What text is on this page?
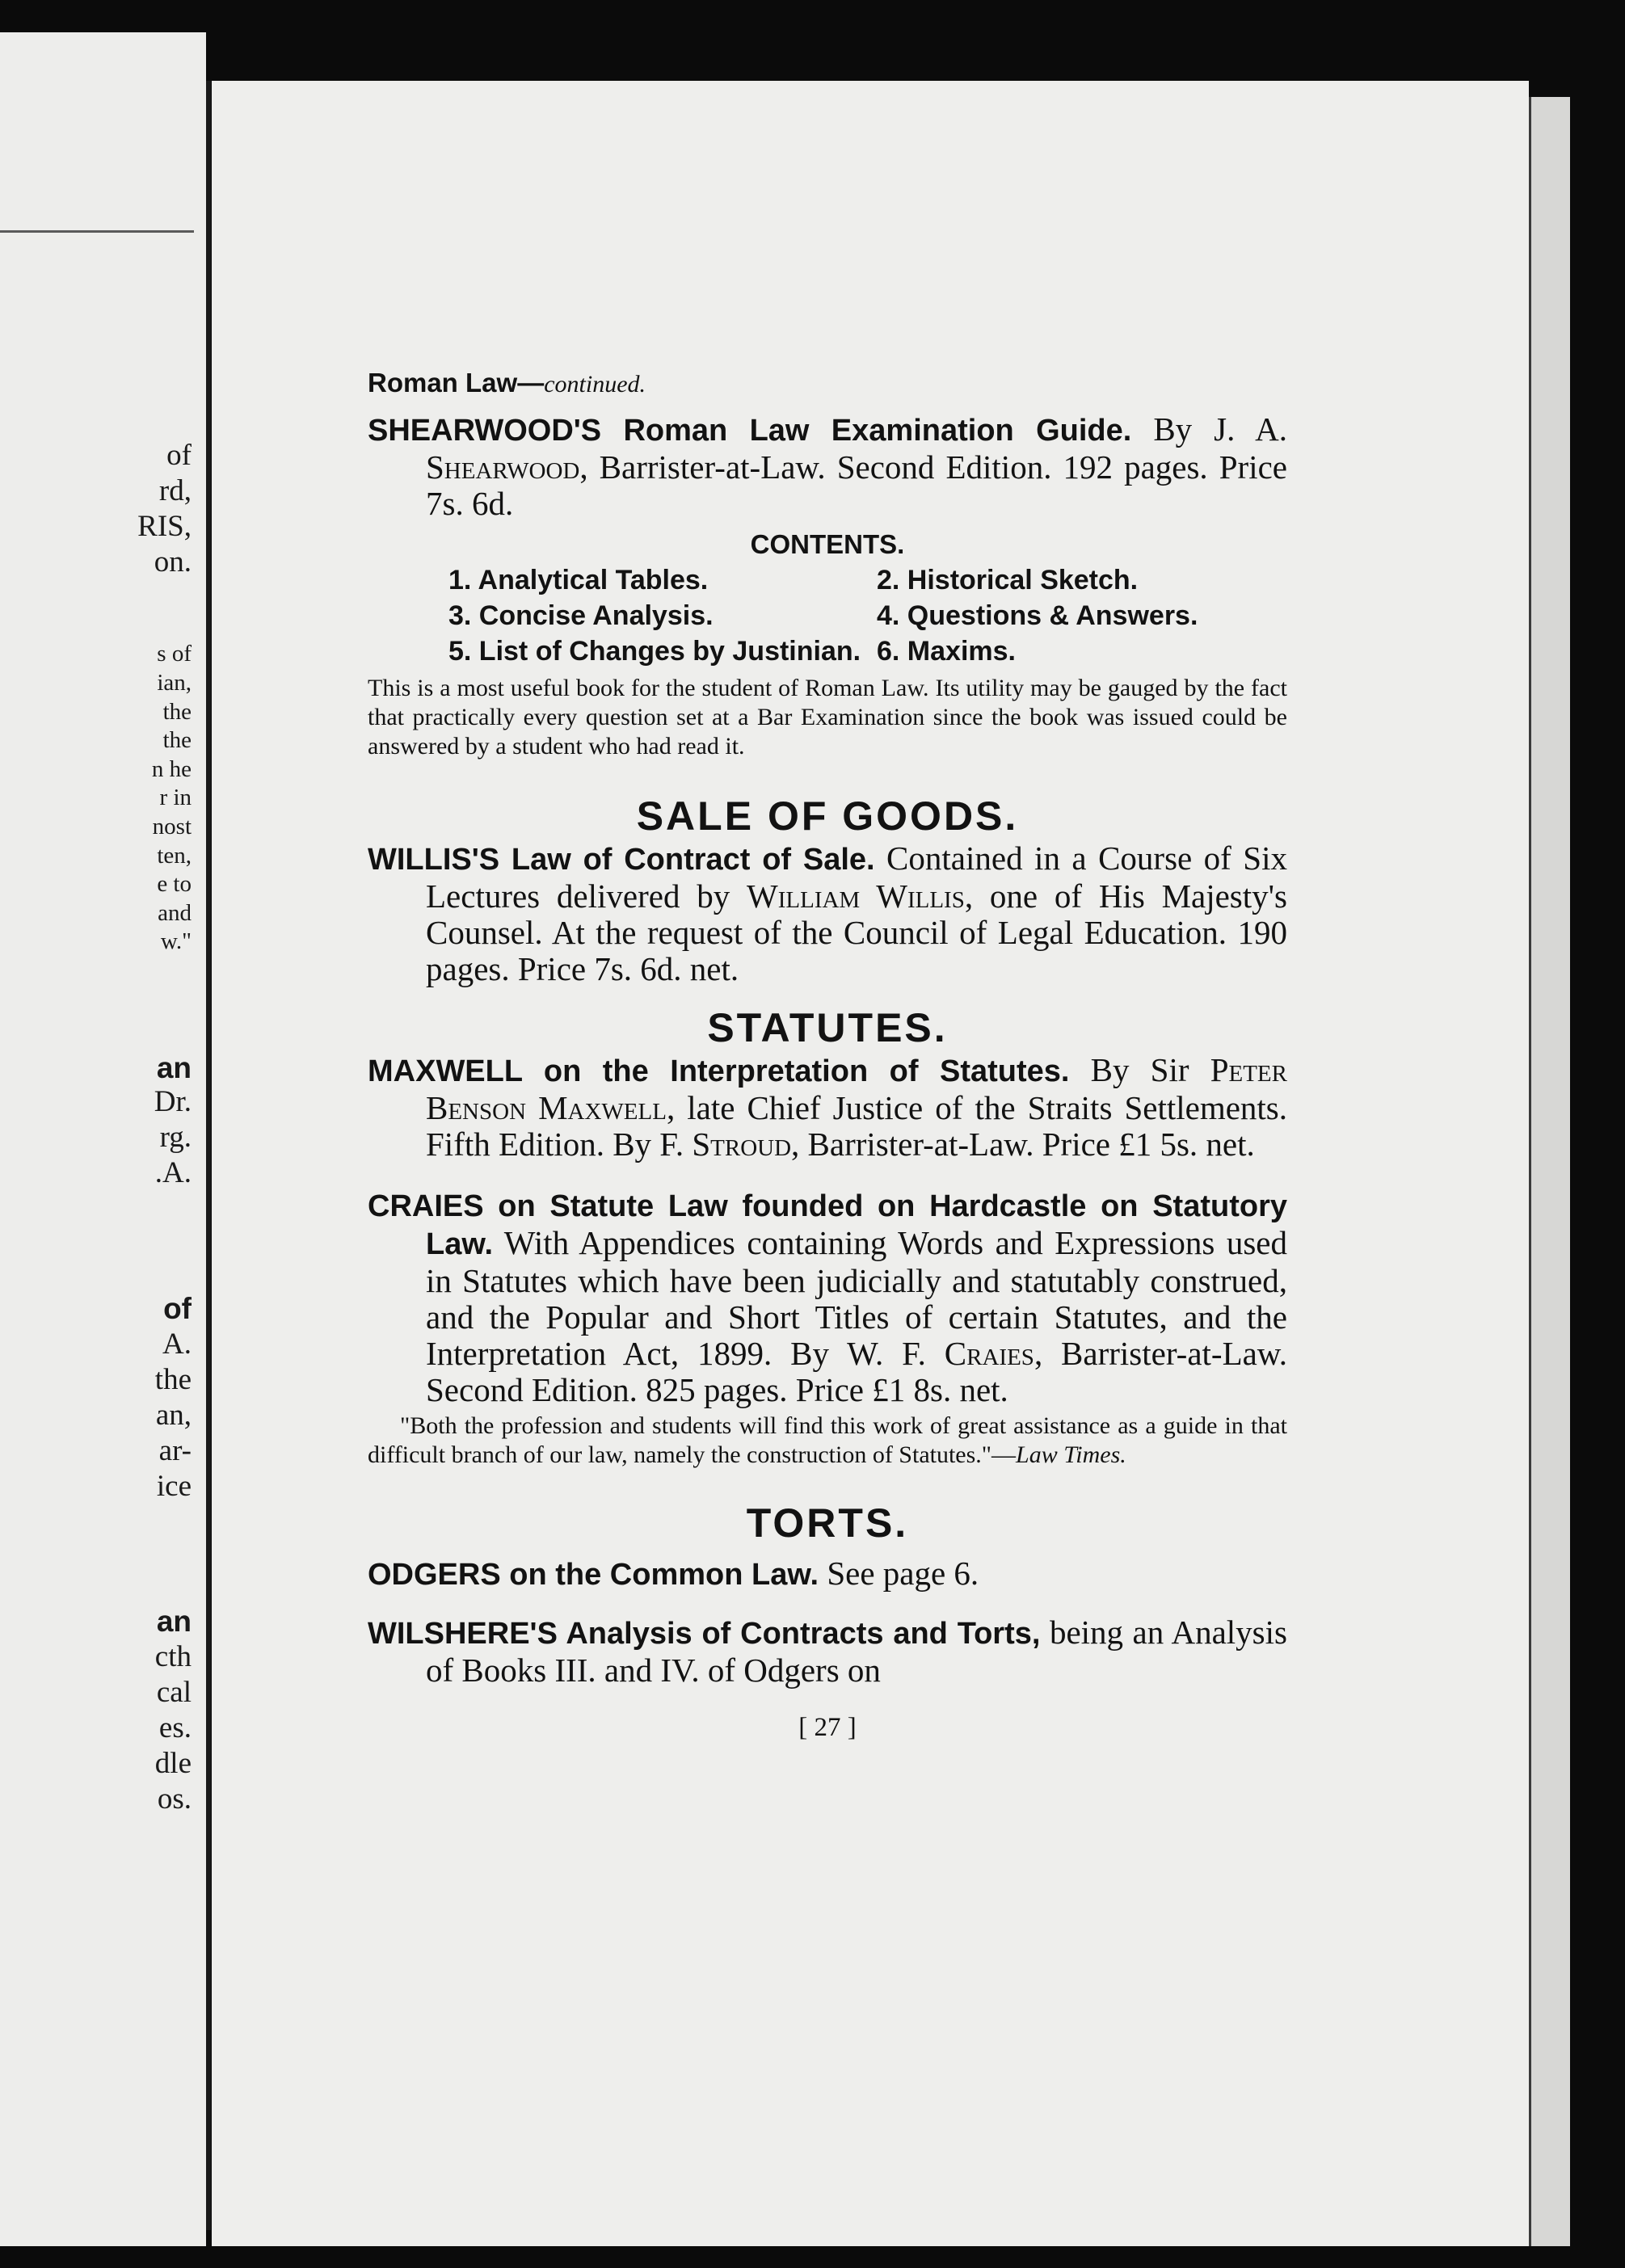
of
rd,
RIS,
on.
s of
ian,
the
the
n he
r in
nost
ten,
e to
and
w."
an
Dr.
rg.
.A.
of
A.
the
an,
ar-
ice
an
cth
cal
es.
dle
os.
Roman Law—continued.

SHEARWOOD'S Roman Law Examination Guide. By J. A. Shearwood, Barrister-at-Law. Second Edition. 192 pages. Price 7s. 6d.

CONTENTS.
1. Analytical Tables.	2. Historical Sketch.
3. Concise Analysis.	4. Questions & Answers.
5. List of Changes by Justinian. 6. Maxims.

This is a most useful book for the student of Roman Law. Its utility may be gauged by the fact that practically every question set at a Bar Examination since the book was issued could be answered by a student who had read it.

SALE OF GOODS.

WILLIS'S Law of Contract of Sale. Contained in a Course of Six Lectures delivered by William Willis, one of His Majesty's Counsel. At the request of the Council of Legal Education. 190 pages. Price 7s. 6d. net.

STATUTES.

MAXWELL on the Interpretation of Statutes. By Sir Peter Benson Maxwell, late Chief Justice of the Straits Settlements. Fifth Edition. By F. Stroud, Barrister-at-Law. Price £1 5s. net.

CRAIES on Statute Law founded on Hardcastle on Statutory Law. With Appendices containing Words and Expressions used in Statutes which have been judicially and statutably construed, and the Popular and Short Titles of certain Statutes, and the Interpretation Act, 1899. By W. F. Craies, Barrister-at-Law. Second Edition. 825 pages. Price £1 8s. net.

"Both the profession and students will find this work of great assistance as a guide in that difficult branch of our law, namely the construction of Statutes."—Law Times.

TORTS.

ODGERS on the Common Law. See page 6.

WILSHERE'S Analysis of Contracts and Torts, being an Analysis of Books III. and IV. of Odgers on

[ 27 ]
